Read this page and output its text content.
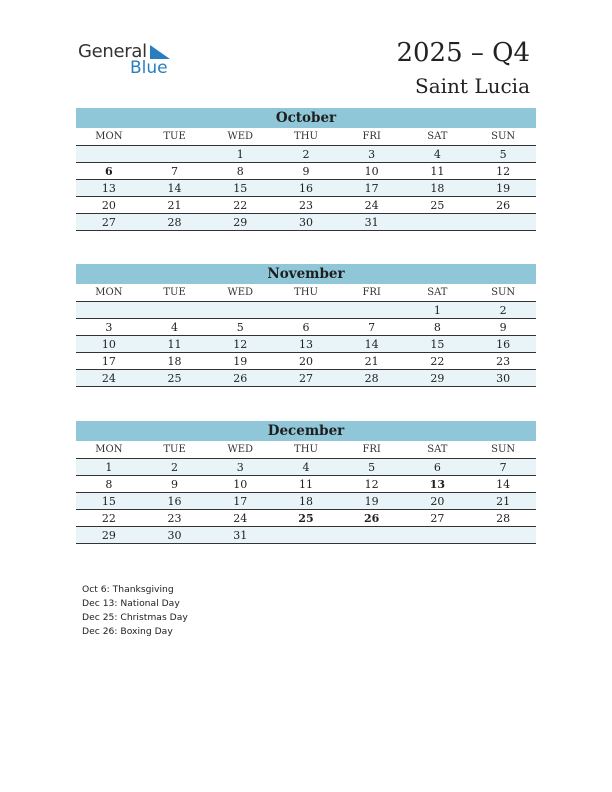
General
Blue	2025 – Q4
Saint Lucia
October
MON	TUE	WED	THU	FRI	SAT	SUN
		1	2	3	4	5
6	7	8	9	10	11	12
13	14	15	16	17	18	19
20	21	22	23	24	25	26
27	28	29	30	31		
November
MON	TUE	WED	THU	FRI	SAT	SUN
					1	2
3	4	5	6	7	8	9
10	11	12	13	14	15	16
17	18	19	20	21	22	23
24	25	26	27	28	29	30
December
MON	TUE	WED	THU	FRI	SAT	SUN
1	2	3	4	5	6	7
8	9	10	11	12	13	14
15	16	17	18	19	20	21
22	23	24	25	26	27	28
29	30	31				
Oct 6: Thanksgiving
Dec 13: National Day
Dec 25: Christmas Day
Dec 26: Boxing Day
